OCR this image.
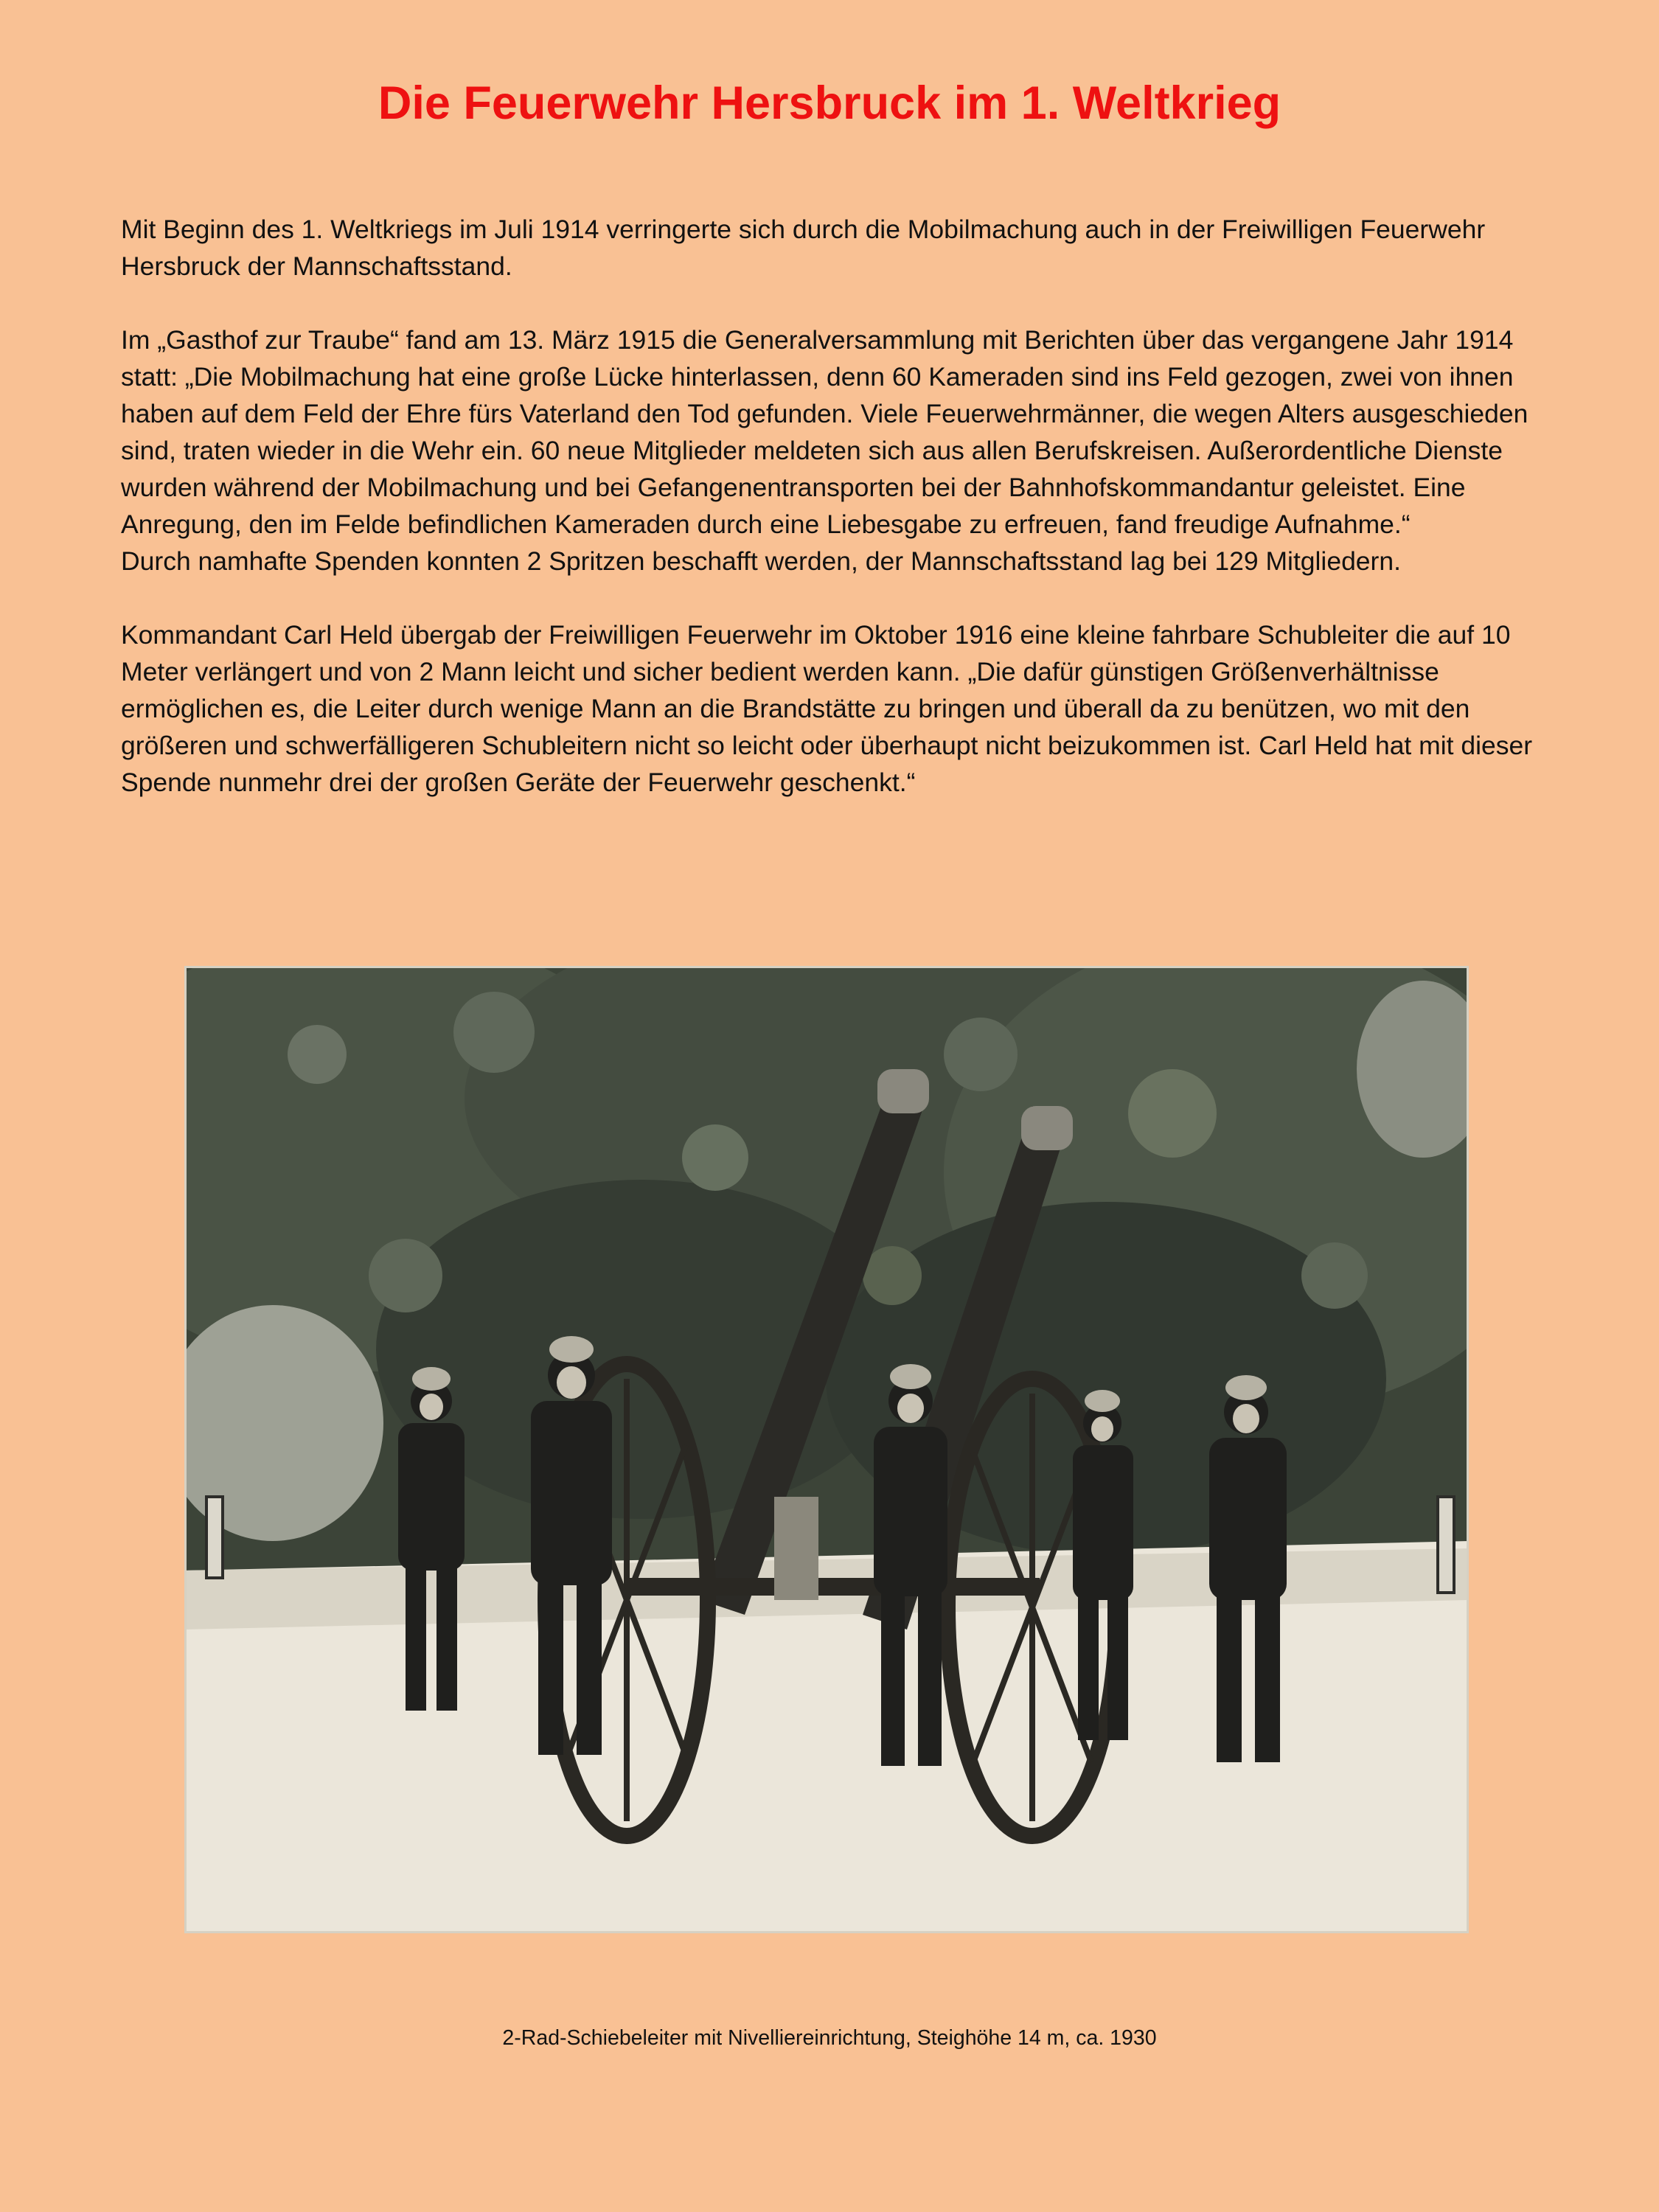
Die Feuerwehr Hersbruck im 1. Weltkrieg

Mit Beginn des 1. Weltkriegs im Juli 1914 verringerte sich durch die Mobilmachung auch in der Freiwilligen Feuerwehr Hersbruck der Mannschaftsstand.

Im „Gasthof zur Traube“ fand am 13. März 1915 die Generalversammlung mit Berichten über das vergangene Jahr 1914 statt: „Die Mobilmachung hat eine große Lücke hinterlassen, denn 60 Kameraden sind ins Feld gezogen, zwei von ihnen haben auf dem Feld der Ehre fürs Vaterland den Tod gefunden. Viele Feuerwehrmänner, die wegen Alters ausgeschieden sind, traten wieder in die Wehr ein. 60 neue Mitglieder meldeten sich aus allen Berufskreisen. Außerordentliche Dienste wurden während der Mobilmachung und bei Gefangenentransporten bei der Bahnhofskommandantur geleistet. Eine Anregung, den im Felde befindlichen Kameraden durch eine Liebesgabe zu erfreuen, fand freudige Aufnahme.“

Durch namhafte Spenden konnten 2 Spritzen beschafft werden, der Mannschaftsstand lag bei 129 Mitgliedern.

Kommandant Carl Held übergab der Freiwilligen Feuerwehr im Oktober 1916 eine kleine fahrbare Schubleiter die auf 10 Meter verlängert und von 2 Mann leicht und sicher bedient werden kann. „Die dafür günstigen Größenverhältnisse ermöglichen es, die Leiter durch wenige Mann an die Brandstätte zu bringen und überall da zu benützen, wo mit den größeren und schwerfälligeren Schubleitern nicht so leicht oder überhaupt nicht beizukommen ist. Carl Held hat mit dieser Spende nunmehr drei der großen Geräte der Feuerwehr geschenkt.“

2-Rad-Schiebeleiter mit Nivelliereinrichtung, Steighöhe 14 m, ca. 1930
